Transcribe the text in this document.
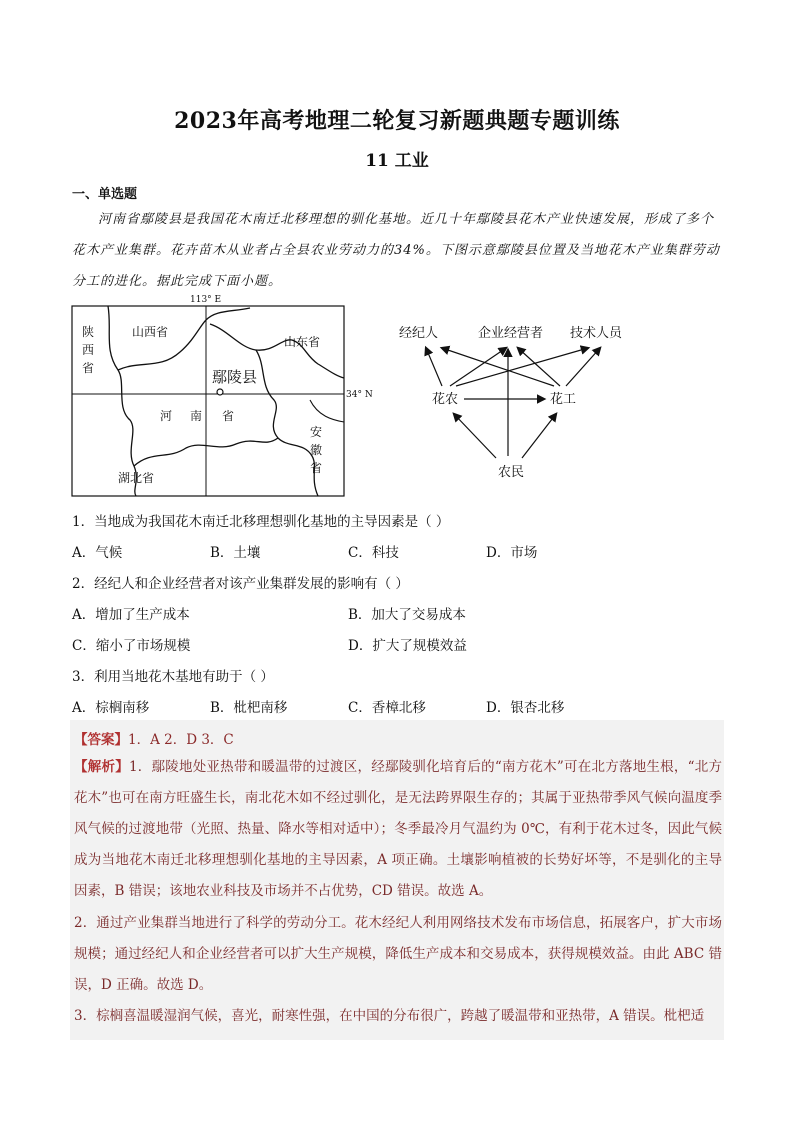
2023年高考地理二轮复习新题典题专题训练
11 工业
一、单选题
河南省鄢陵县是我国花木南迁北移理想的驯化基地。近几十年鄢陵县花木产业快速发展，形成了多个花木产业集群。花卉苗木从业者占全县农业劳动力的34%。下图示意鄢陵县位置及当地花木产业集群劳动分工的进化。据此完成下面小题。
113° E
34° N
陕
西
省
山西省
山东省
河 南 省
安
徽
省
湖北省
鄢陵县
经纪人	企业经营者 技术人员
花农	花工
农民
1．当地成为我国花木南迁北移理想驯化基地的主导因素是（ ）
A．气候	B．土壤	C．科技	D．市场
2．经纪人和企业经营者对该产业集群发展的影响有（ ）
A．增加了生产成本	B．加大了交易成本
C．缩小了市场规模	D．扩大了规模效益
3．利用当地花木基地有助于（ ）
A．棕榈南移	B．枇杷南移	C．香樟北移	D．银杏北移
【答案】1．A 2．D 3．C
【解析】1．鄢陵地处亚热带和暖温带的过渡区，经鄢陵驯化培育后的“南方花木”可在北方落地生根，“北方花木”也可在南方旺盛生长，南北花木如不经过驯化，是无法跨界限生存的；其属于亚热带季风气候向温度季风气候的过渡地带（光照、热量、降水等相对适中）；冬季最冷月气温约为 0℃，有利于花木过冬，因此气候成为当地花木南迁北移理想驯化基地的主导因素，A 项正确。土壤影响植被的长势好坏等，不是驯化的主导因素，B 错误；该地农业科技及市场并不占优势，CD 错误。故选 A。
2．通过产业集群当地进行了科学的劳动分工。花木经纪人利用网络技术发布市场信息，拓展客户，扩大市场规模；通过经纪人和企业经营者可以扩大生产规模，降低生产成本和交易成本，获得规模效益。由此 ABC 错误，D 正确。故选 D。
3．棕榈喜温暖湿润气候，喜光，耐寒性强，在中国的分布很广，跨越了暖温带和亚热带，A 错误。枇杷适
